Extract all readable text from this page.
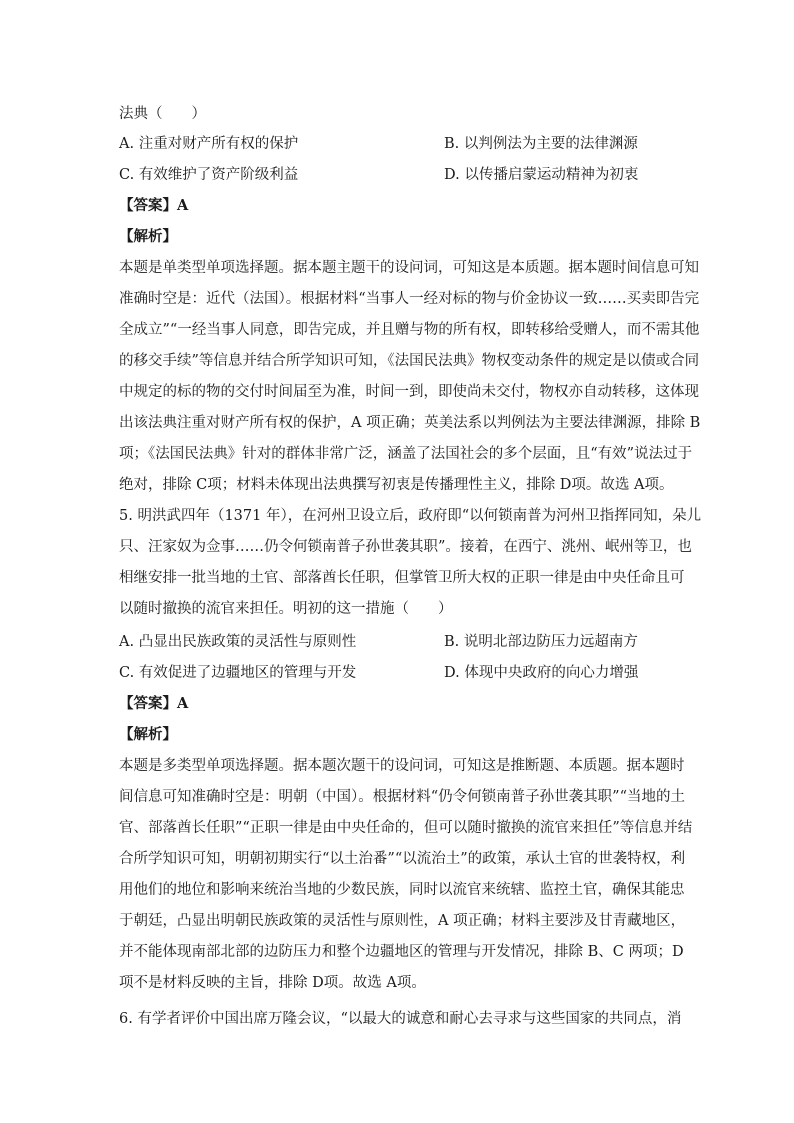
法典（　　）
A. 注重对财产所有权的保护	B. 以判例法为主要的法律渊源
C. 有效维护了资产阶级利益	D. 以传播启蒙运动精神为初衷
【答案】A
【解析】
本题是单类型单项选择题。据本题主题干的设问词，可知这是本质题。据本题时间信息可知
准确时空是：近代（法国）。根据材料“当事人一经对标的物与价金协议一致……买卖即告完
全成立”“一经当事人同意，即告完成，并且赠与物的所有权，即转移给受赠人，而不需其他
的移交手续”等信息并结合所学知识可知，《法国民法典》物权变动条件的规定是以债或合同
中规定的标的物的交付时间届至为准，时间一到，即使尚未交付，物权亦自动转移，这体现
出该法典注重对财产所有权的保护，A 项正确；英美法系以判例法为主要法律渊源，排除 B
项；《法国民法典》针对的群体非常广泛，涵盖了法国社会的多个层面，且“有效”说法过于
绝对，排除 C项；材料未体现出法典撰写初衷是传播理性主义，排除 D项。故选 A项。
5. 明洪武四年（1371 年），在河州卫设立后，政府即“以何锁南普为河州卫指挥同知，朵儿
只、汪家奴为佥事……仍令何锁南普子孙世袭其职”。接着，在西宁、洮州、岷州等卫，也
相继安排一批当地的土官、部落酋长任职，但掌管卫所大权的正职一律是由中央任命且可
以随时撤换的流官来担任。明初的这一措施（　　）
A. 凸显出民族政策的灵活性与原则性	B. 说明北部边防压力远超南方
C. 有效促进了边疆地区的管理与开发	D. 体现中央政府的向心力增强
【答案】A
【解析】
本题是多类型单项选择题。据本题次题干的设问词，可知这是推断题、本质题。据本题时
间信息可知准确时空是：明朝（中国）。根据材料“仍令何锁南普子孙世袭其职”“当地的土
官、部落酋长任职”“正职一律是由中央任命的，但可以随时撤换的流官来担任”等信息并结
合所学知识可知，明朝初期实行“以土治番”“以流治土”的政策，承认土官的世袭特权，利
用他们的地位和影响来统治当地的少数民族，同时以流官来统辖、监控土官，确保其能忠
于朝廷，凸显出明朝民族政策的灵活性与原则性，A 项正确；材料主要涉及甘青藏地区，
并不能体现南部北部的边防压力和整个边疆地区的管理与开发情况，排除 B、C 两项；D
项不是材料反映的主旨，排除 D项。故选 A项。
6. 有学者评价中国出席万隆会议，“以最大的诚意和耐心去寻求与这些国家的共同点，消
